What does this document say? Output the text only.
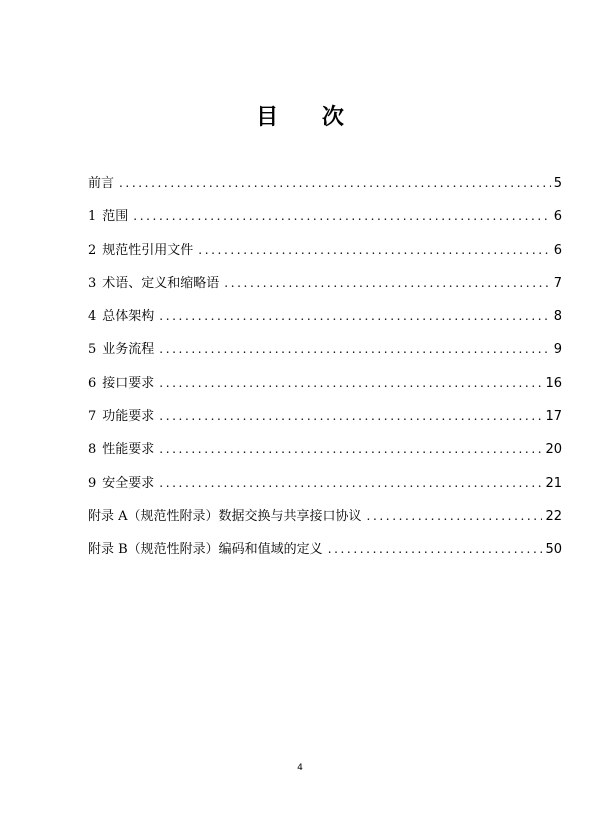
目 次
前言 .....	5
1 范围 .....	6
2 规范性引用文件 .....	6
3 术语、定义和缩略语 .....	7
4 总体架构 .....	8
5 业务流程 .....	9
6 接口要求 .....	16
7 功能要求 .....	17
8 性能要求 .....	20
9 安全要求 .....	21
附录 A（规范性附录）数据交换与共享接口协议 .....	22
附录 B（规范性附录）编码和值域的定义 .....	50
4
